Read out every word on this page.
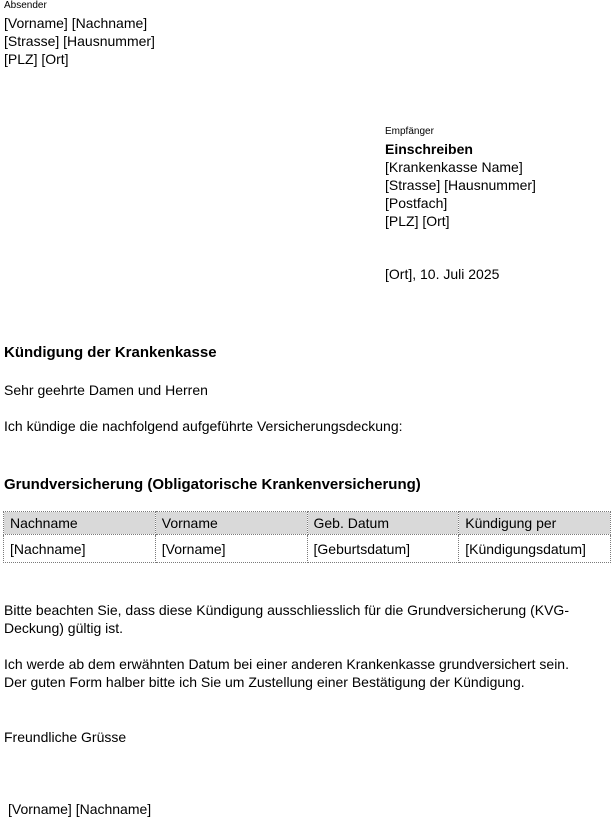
Absender
[Vorname] [Nachname]
[Strasse] [Hausnummer]
[PLZ] [Ort]
Empfänger
Einschreiben
[Krankenkasse Name]
[Strasse] [Hausnummer]
[Postfach]
[PLZ] [Ort]
[Ort], 10. Juli 2025
Kündigung der Krankenkasse
Sehr geehrte Damen und Herren
Ich kündige die nachfolgend aufgeführte Versicherungsdeckung:
Grundversicherung (Obligatorische Krankenversicherung)
Nachname	Vorname	Geb. Datum	Kündigung per
[Nachname]	[Vorname]	[Geburtsdatum]	[Kündigungsdatum]
Bitte beachten Sie, dass diese Kündigung ausschliesslich für die Grundversicherung (KVG-Deckung) gültig ist.
Ich werde ab dem erwähnten Datum bei einer anderen Krankenkasse grundversichert sein.
Der guten Form halber bitte ich Sie um Zustellung einer Bestätigung der Kündigung.
Freundliche Grüsse
[Vorname] [Nachname]
